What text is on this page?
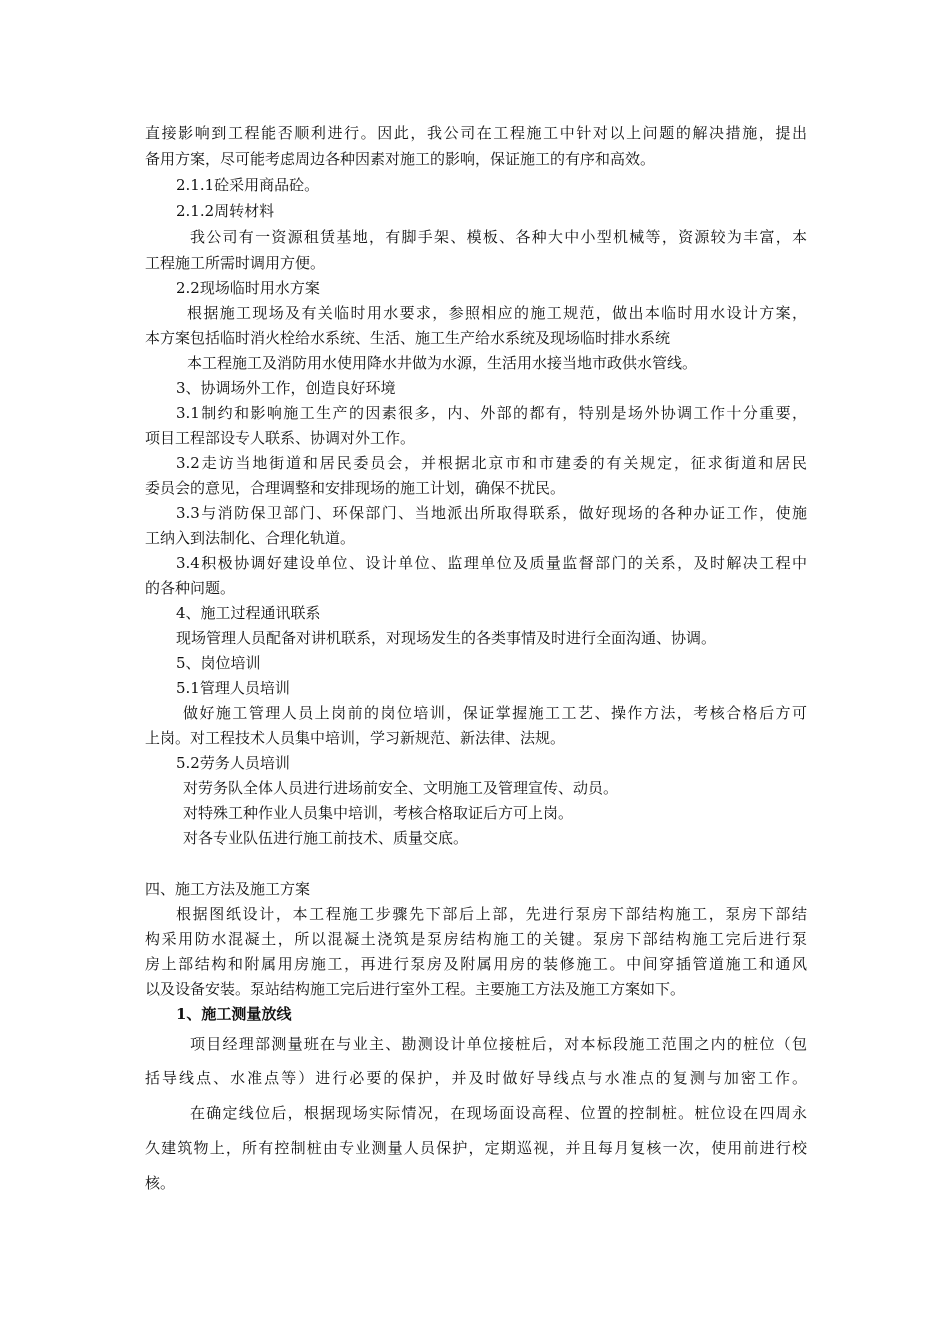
直接影响到工程能否顺利进行。因此，我公司在工程施工中针对以上问题的解决措施，提出
备用方案，尽可能考虑周边各种因素对施工的影响，保证施工的有序和高效。
2.1.1砼采用商品砼。
2.1.2周转材料
我公司有一资源租赁基地，有脚手架、模板、各种大中小型机械等，资源较为丰富，本
工程施工所需时调用方便。
2.2现场临时用水方案
根据施工现场及有关临时用水要求，参照相应的施工规范，做出本临时用水设计方案，
本方案包括临时消火栓给水系统、生活、施工生产给水系统及现场临时排水系统
本工程施工及消防用水使用降水井做为水源，生活用水接当地市政供水管线。
3、协调场外工作，创造良好环境
3.1制约和影响施工生产的因素很多，内、外部的都有，特别是场外协调工作十分重要，
项目工程部设专人联系、协调对外工作。
3.2走访当地街道和居民委员会，并根据北京市和市建委的有关规定，征求街道和居民
委员会的意见，合理调整和安排现场的施工计划，确保不扰民。
3.3与消防保卫部门、环保部门、当地派出所取得联系，做好现场的各种办证工作，使施
工纳入到法制化、合理化轨道。
3.4积极协调好建设单位、设计单位、监理单位及质量监督部门的关系，及时解决工程中
的各种问题。
4、施工过程通讯联系
现场管理人员配备对讲机联系，对现场发生的各类事情及时进行全面沟通、协调。
5、岗位培训
5.1管理人员培训
做好施工管理人员上岗前的岗位培训，保证掌握施工工艺、操作方法，考核合格后方可
上岗。对工程技术人员集中培训，学习新规范、新法律、法规。
5.2劳务人员培训
对劳务队全体人员进行进场前安全、文明施工及管理宣传、动员。
对特殊工种作业人员集中培训，考核合格取证后方可上岗。
对各专业队伍进行施工前技术、质量交底。
四、施工方法及施工方案
根据图纸设计，本工程施工步骤先下部后上部，先进行泵房下部结构施工，泵房下部结
构采用防水混凝土，所以混凝土浇筑是泵房结构施工的关键。泵房下部结构施工完后进行泵
房上部结构和附属用房施工，再进行泵房及附属用房的装修施工。中间穿插管道施工和通风
以及设备安装。泵站结构施工完后进行室外工程。主要施工方法及施工方案如下。
1、施工测量放线
项目经理部测量班在与业主、勘测设计单位接桩后，对本标段施工范围之内的桩位（包
括导线点、水准点等）进行必要的保护，并及时做好导线点与水准点的复测与加密工作。
在确定线位后，根据现场实际情况，在现场面设高程、位置的控制桩。桩位设在四周永
久建筑物上，所有控制桩由专业测量人员保护，定期巡视，并且每月复核一次，使用前进行校
核。
